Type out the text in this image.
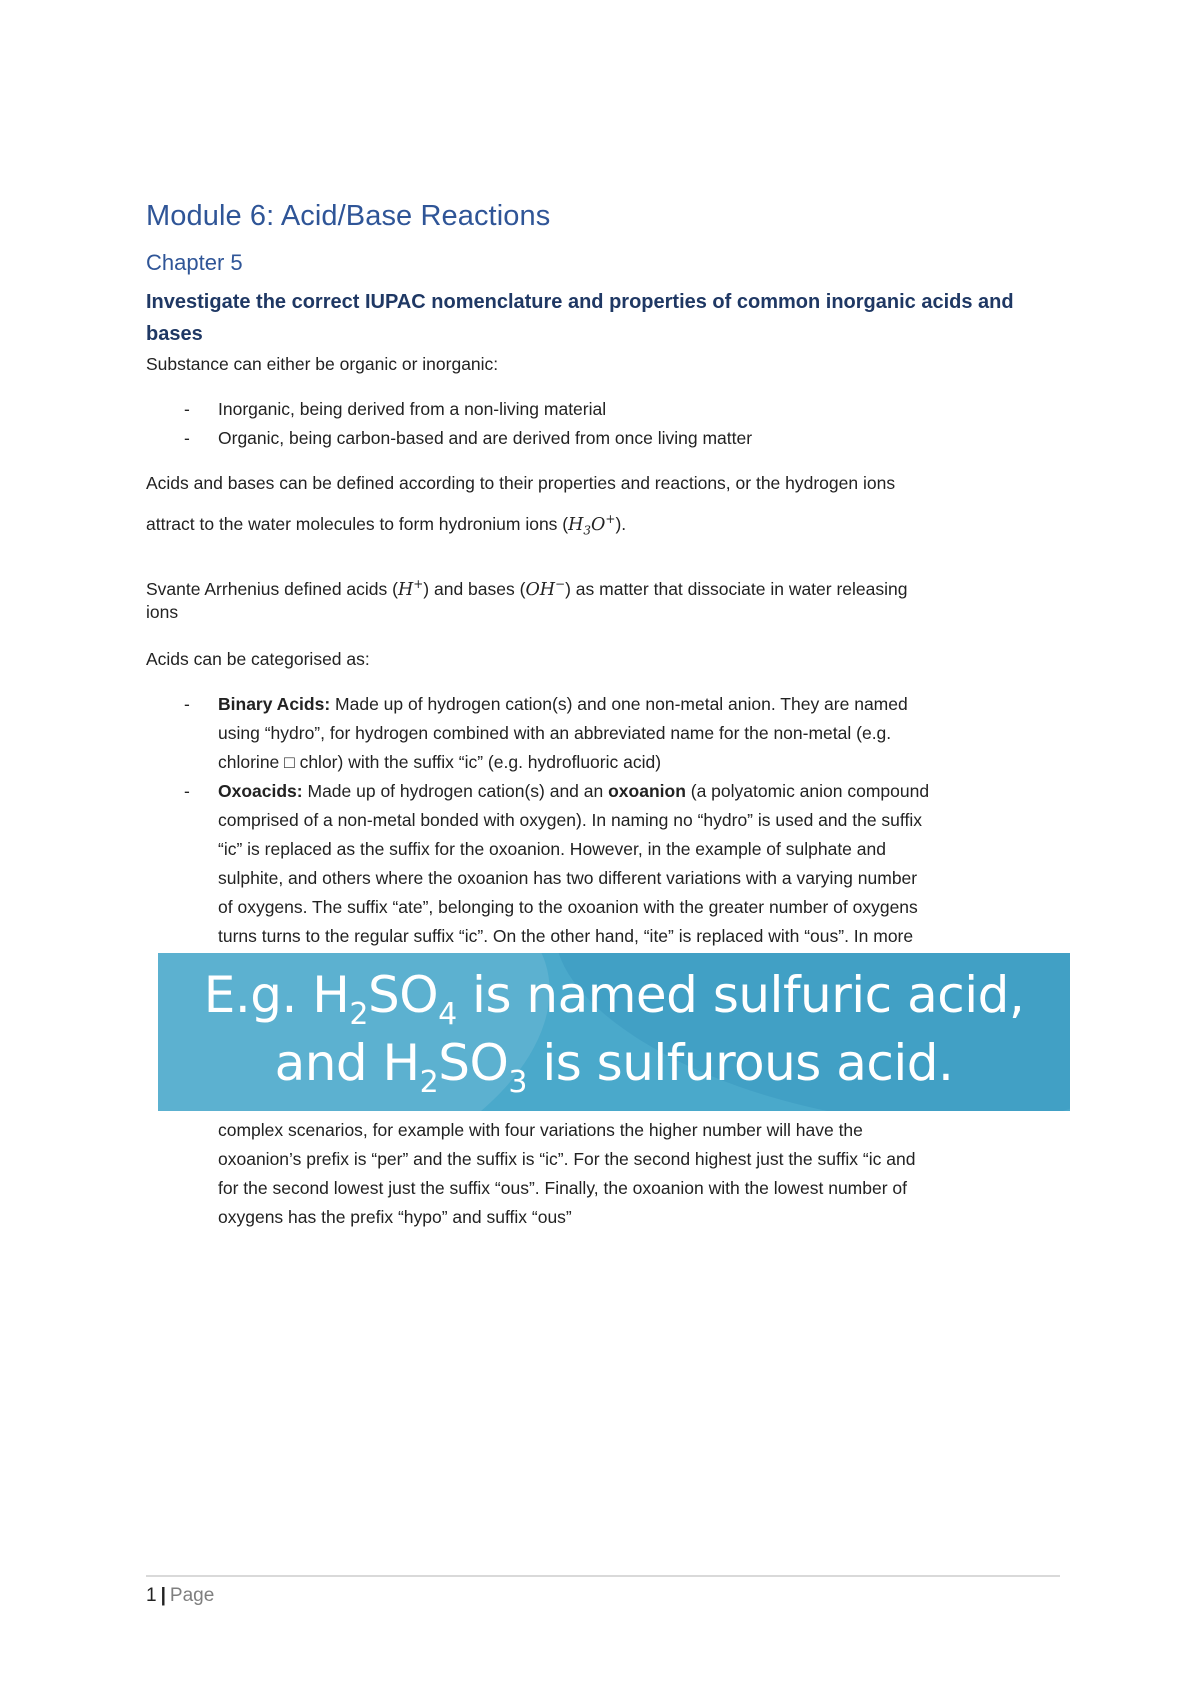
Module 6: Acid/Base Reactions
Chapter 5
Investigate the correct IUPAC nomenclature and properties of common inorganic acids and bases
Substance can either be organic or inorganic:
- Inorganic, being derived from a non-living material
- Organic, being carbon-based and are derived from once living matter
Acids and bases can be defined according to their properties and reactions, or the hydrogen ions
attract to the water molecules to form hydronium ions $(H_3O^+)$.
Svante Arrhenius defined acids (H+) and bases (OH−) as matter that dissociate in water releasing
ions
Acids can be categorised as:
- Binary Acids: Made up of hydrogen cation(s) and one non-metal anion. They are named
using “hydro”, for hydrogen combined with an abbreviated name for the non-metal (e.g.
chlorine □ chlor) with the suffix “ic” (e.g. hydrofluoric acid)
- Oxoacids: Made up of hydrogen cation(s) and an oxoanion (a polyatomic anion compound
comprised of a non-metal bonded with oxygen). In naming no “hydro” is used and the suffix
“ic” is replaced as the suffix for the oxoanion. However, in the example of sulphate and
sulphite, and others where the oxoanion has two different variations with a varying number
of oxygens. The suffix “ate”, belonging to the oxoanion with the greater number of oxygens
turns turns to the regular suffix “ic”. On the other hand, “ite” is replaced with “ous”. In more
E.g. $H_2SO_4$ is named sulfuric acid,
and $H_2SO_3$ is sulfurous acid.
complex scenarios, for example with four variations the higher number will have the
oxoanion’s prefix is “per” and the suffix is “ic”. For the second highest just the suffix “ic and
for the second lowest just the suffix “ous”. Finally, the oxoanion with the lowest number of
oxygens has the prefix “hypo” and suffix “ous”
1 | Page
